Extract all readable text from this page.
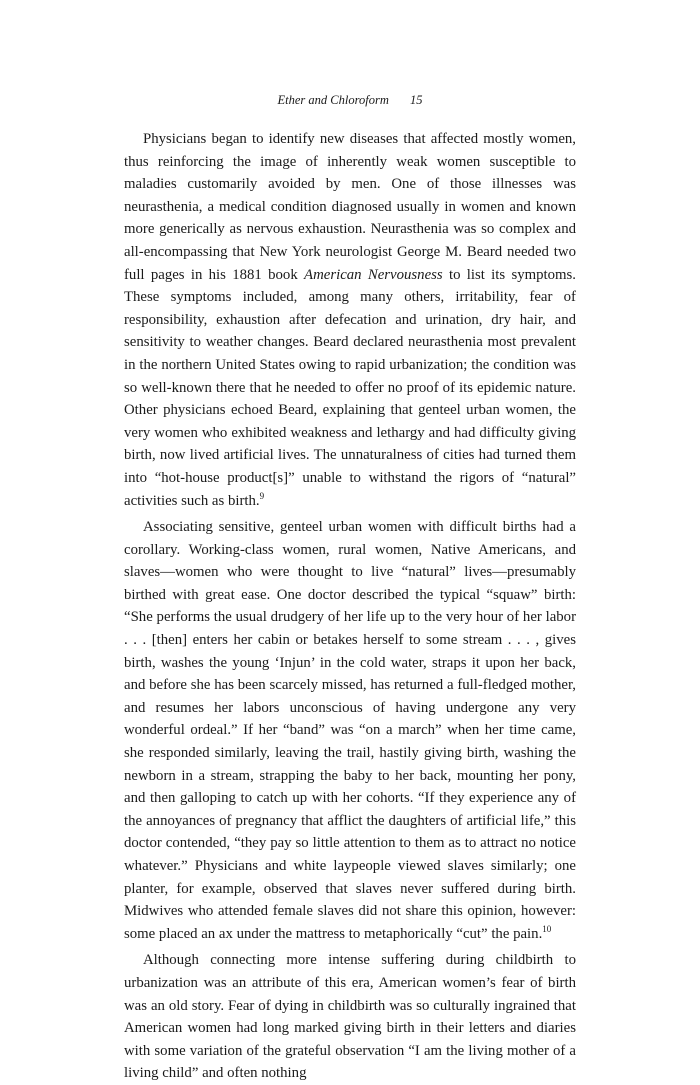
Ether and Chloroform 15

Physicians began to identify new diseases that affected mostly women, thus reinforcing the image of inherently weak women susceptible to maladies customarily avoided by men. One of those illnesses was neurasthenia, a medical condition diagnosed usually in women and known more generically as nervous exhaustion. Neurasthenia was so complex and all-encompassing that New York neurologist George M. Beard needed two full pages in his 1881 book American Nervousness to list its symptoms. These symptoms included, among many others, irritability, fear of responsibility, exhaustion after defecation and urination, dry hair, and sensitivity to weather changes. Beard declared neurasthenia most prevalent in the northern United States owing to rapid urbanization; the condition was so well-known there that he needed to offer no proof of its epidemic nature. Other physicians echoed Beard, explaining that genteel urban women, the very women who exhibited weakness and lethargy and had difficulty giving birth, now lived artificial lives. The unnaturalness of cities had turned them into “hot-house product[s]” unable to withstand the rigors of “natural” activities such as birth.$^9$

Associating sensitive, genteel urban women with difficult births had a corollary. Working-class women, rural women, Native Americans, and slaves—women who were thought to live “natural” lives—presumably birthed with great ease. One doctor described the typical “squaw” birth: “She performs the usual drudgery of her life up to the very hour of her labor . . . [then] enters her cabin or betakes herself to some stream . . . , gives birth, washes the young ‘Injun’ in the cold water, straps it upon her back, and before she has been scarcely missed, has returned a full-fledged mother, and resumes her labors unconscious of having undergone any very wonderful ordeal.” If her “band” was “on a march” when her time came, she responded similarly, leaving the trail, hastily giving birth, washing the newborn in a stream, strapping the baby to her back, mounting her pony, and then galloping to catch up with her cohorts. “If they experience any of the annoyances of pregnancy that afflict the daughters of artificial life,” this doctor contended, “they pay so little attention to them as to attract no notice whatever.” Physicians and white laypeople viewed slaves similarly; one planter, for example, observed that slaves never suffered during birth. Midwives who attended female slaves did not share this opinion, however: some placed an ax under the mattress to metaphorically “cut” the pain.$^{10}$

Although connecting more intense suffering during childbirth to urbanization was an attribute of this era, American women’s fear of birth was an old story. Fear of dying in childbirth was so culturally ingrained that American women had long marked giving birth in their letters and diaries with some variation of the grateful observation “I am the living mother of a living child” and often nothing
